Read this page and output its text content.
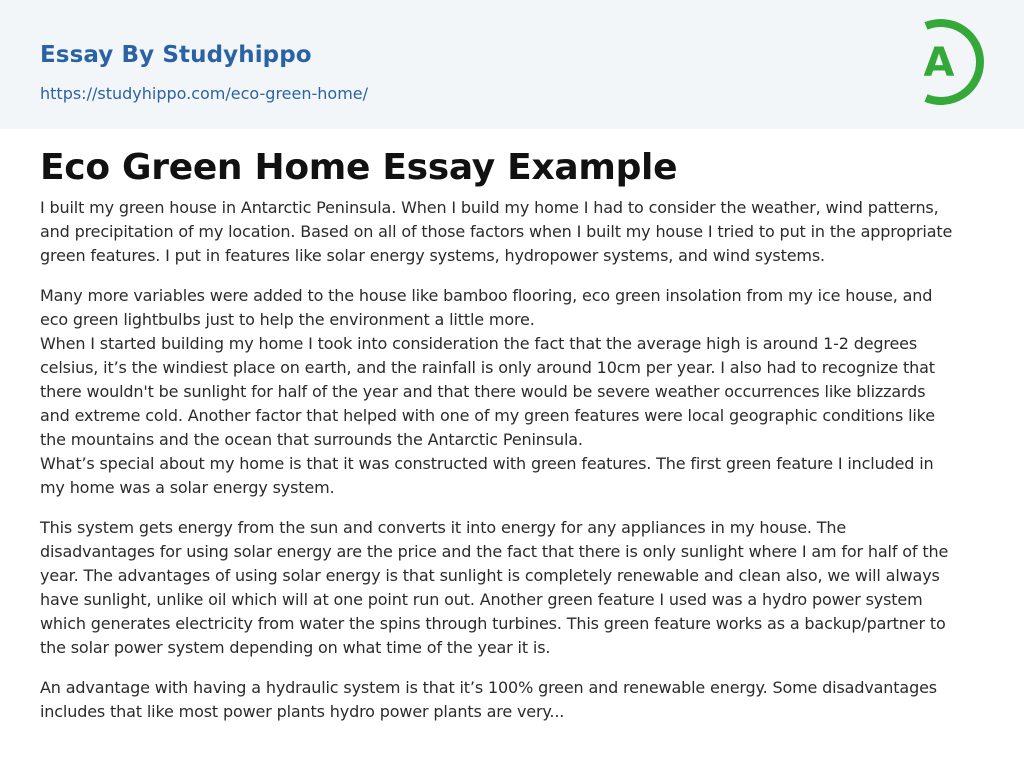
Essay By Studyhippo
https://studyhippo.com/eco-green-home/
A
Eco Green Home Essay Example

I built my green house in Antarctic Peninsula. When I build my home I had to consider the weather, wind patterns,
and precipitation of my location. Based on all of those factors when I built my house I tried to put in the appropriate
green features. I put in features like solar energy systems, hydropower systems, and wind systems.

Many more variables were added to the house like bamboo flooring, eco green insolation from my ice house, and
eco green lightbulbs just to help the environment a little more.
When I started building my home I took into consideration the fact that the average high is around 1-2 degrees
celsius, it’s the windiest place on earth, and the rainfall is only around 10cm per year. I also had to recognize that
there wouldn't be sunlight for half of the year and that there would be severe weather occurrences like blizzards
and extreme cold. Another factor that helped with one of my green features were local geographic conditions like
the mountains and the ocean that surrounds the Antarctic Peninsula.
What’s special about my home is that it was constructed with green features. The first green feature I included in
my home was a solar energy system.

This system gets energy from the sun and converts it into energy for any appliances in my house. The
disadvantages for using solar energy are the price and the fact that there is only sunlight where I am for half of the
year. The advantages of using solar energy is that sunlight is completely renewable and clean also, we will always
have sunlight, unlike oil which will at one point run out. Another green feature I used was a hydro power system
which generates electricity from water the spins through turbines. This green feature works as a backup/partner to
the solar power system depending on what time of the year it is.

An advantage with having a hydraulic system is that it’s 100% green and renewable energy. Some disadvantages
includes that like most power plants hydro power plants are very...
